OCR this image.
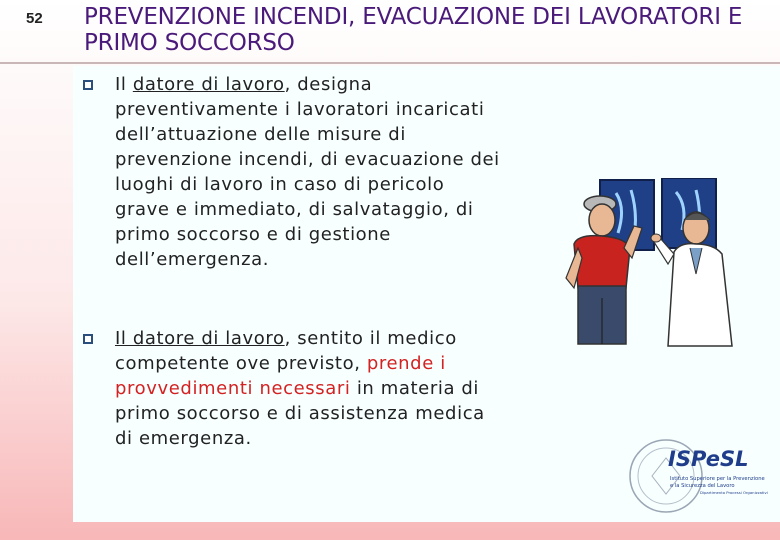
52 PREVENZIONE INCENDI, EVACUAZIONE DEI LAVORATORI E PRIMO SOCCORSO
Il datore di lavoro, designa preventivamente i lavoratori incaricati dell’attuazione delle misure di prevenzione incendi, di evacuazione dei luoghi di lavoro in caso di pericolo grave e immediato, di salvataggio, di primo soccorso e di gestione dell’emergenza.
Il datore di lavoro, sentito il medico competente ove previsto, prende i provvedimenti necessari in materia di primo soccorso e di assistenza medica di emergenza.
ISPeSL
Istituto Superiore per la Prevenzione
e la Sicurezza del Lavoro
Dipartimento Processi Organizzativi
